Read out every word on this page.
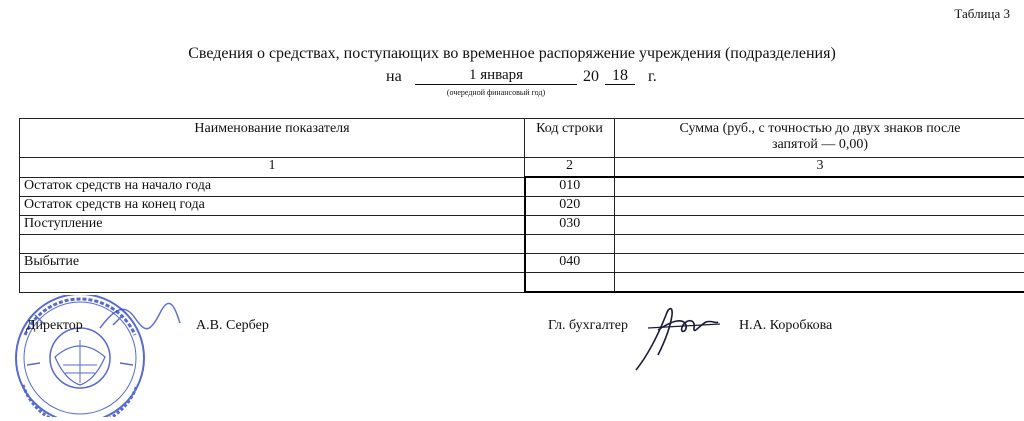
Таблица 3
Сведения о средствах, поступающих во временное распоряжение учреждения (подразделения)
на	1 января
(очередной финансовый год)
20 18	г.
Наименование показателя	Код строки	Сумма (руб., с точностью до двух знаков после запятой — 0,00)
1	2	3
Остаток средств на начало года	010	
Остаток средств на конец года	020	
Поступление	030	

Выбытие	040	

Директор	А.В. Сербер	Гл. бухгалтер	Н.А. Коробкова
